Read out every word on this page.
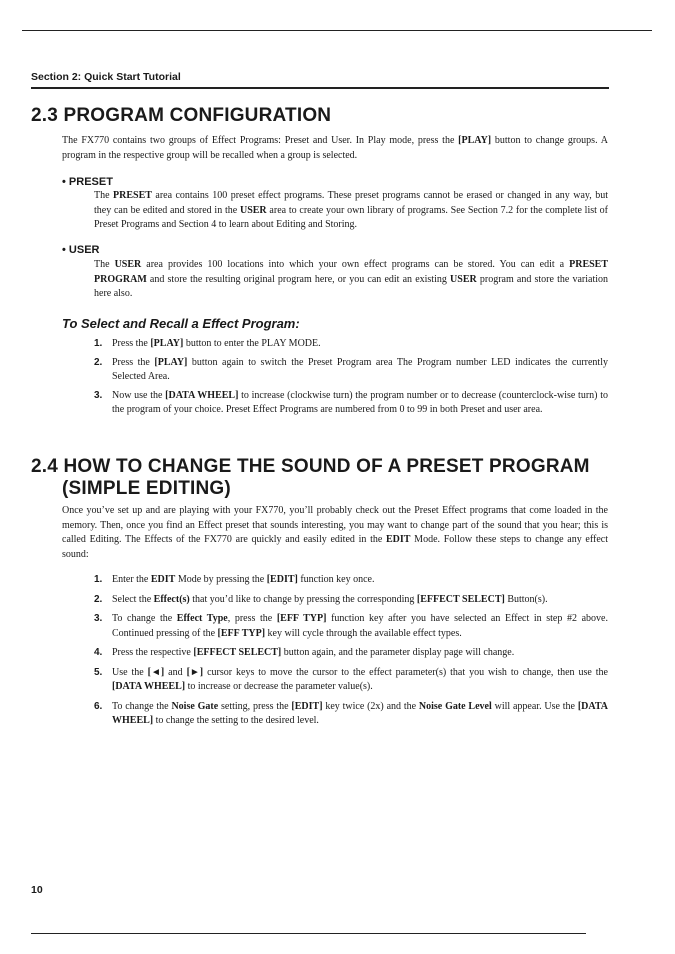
Section 2: Quick Start Tutorial
2.3 PROGRAM CONFIGURATION

The FX770 contains two groups of Effect Programs: Preset and User. In Play mode, press the [PLAY] button to change groups. A program in the respective group will be recalled when a group is selected.

• PRESET

The PRESET area contains 100 preset effect programs. These preset programs cannot be erased or changed in any way, but they can be edited and stored in the USER area to create your own library of programs. See Section 7.2 for the complete list of Preset Programs and Section 4 to learn about Editing and Storing.

• USER

The USER area provides 100 locations into which your own effect programs can be stored. You can edit a PRESET PROGRAM and store the resulting original program here, or you can edit an existing USER program and store the variation here also.

To Select and Recall a Effect Program:
1. Press the [PLAY] button to enter the PLAY MODE.
2. Press the [PLAY] button again to switch the Preset Program area The Program number LED indicates the currently Selected Area.
3. Now use the [DATA WHEEL] to increase (clockwise turn) the program number or to decrease (counterclock-wise turn) to the program of your choice. Preset Effect Programs are numbered from 0 to 99 in both Preset and user area.
2.4 HOW TO CHANGE THE SOUND OF A PRESET PROGRAM
(SIMPLE EDITING)

Once you’ve set up and are playing with your FX770, you’ll probably check out the Preset Effect programs that come loaded in the memory. Then, once you find an Effect preset that sounds interesting, you may want to change part of the sound that you hear; this is called Editing. The Effects of the FX770 are quickly and easily edited in the EDIT Mode. Follow these steps to change any effect sound:

1. Enter the EDIT Mode by pressing the [EDIT] function key once.
2. Select the Effect(s) that you’d like to change by pressing the corresponding [EFFECT SELECT] Button(s).
3. To change the Effect Type, press the [EFF TYP] function key after you have selected an Effect in step #2 above. Continued pressing of the [EFF TYP] key will cycle through the available effect types.
4. Press the respective [EFFECT SELECT] button again, and the parameter display page will change.
5. Use the [◄] and [►] cursor keys to move the cursor to the effect parameter(s) that you wish to change, then use the [DATA WHEEL] to increase or decrease the parameter value(s).
6. To change the Noise Gate setting, press the [EDIT] key twice (2x) and the Noise Gate Level will appear. Use the [DATA WHEEL] to change the setting to the desired level.
10
